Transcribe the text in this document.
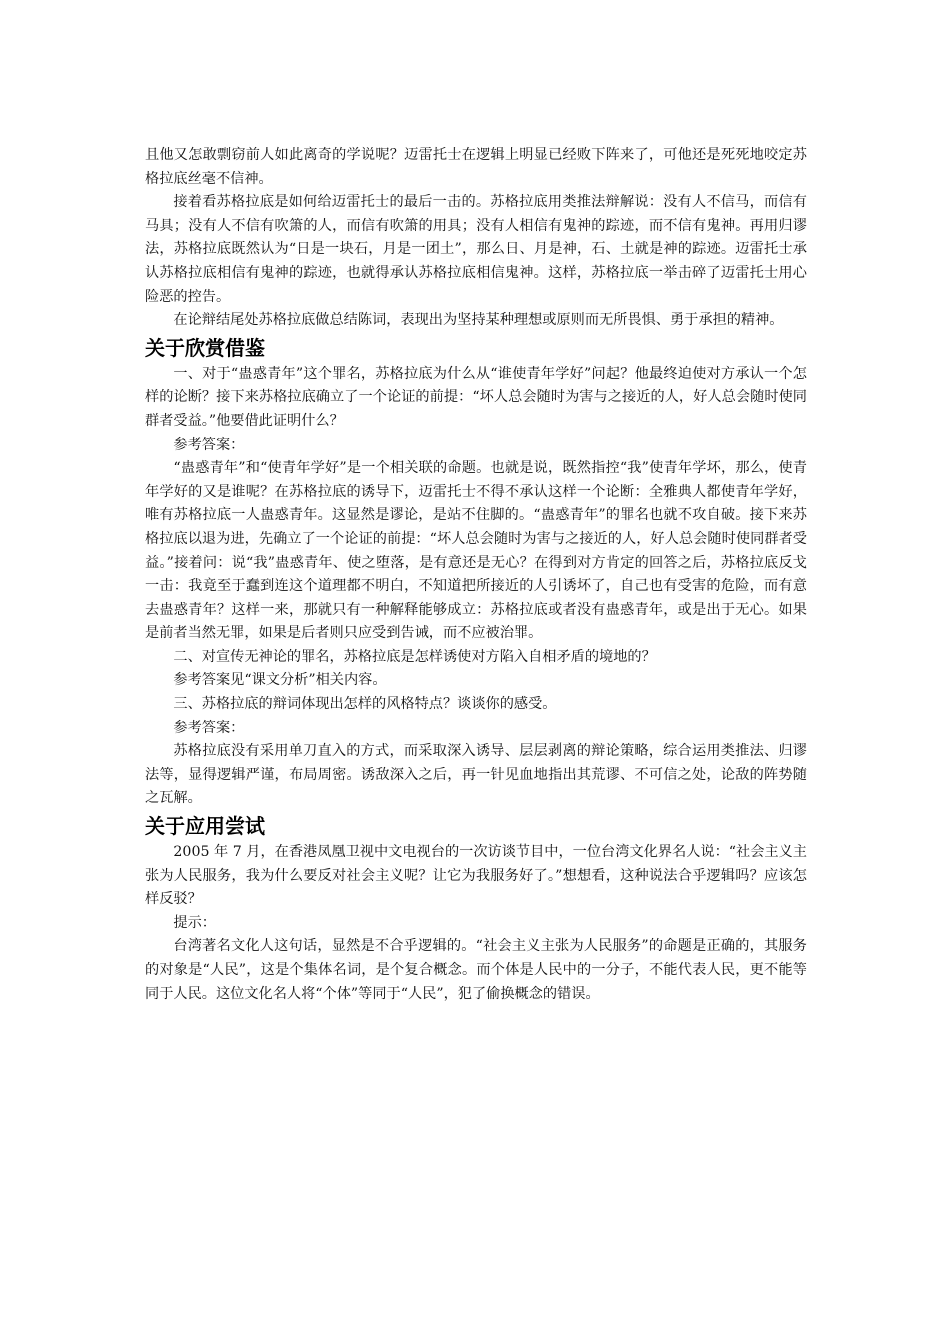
且他又怎敢剽窃前人如此离奇的学说呢？迈雷托士在逻辑上明显已经败下阵来了，可他还是死死地咬定苏格拉底丝毫不信神。

接着看苏格拉底是如何给迈雷托士的最后一击的。苏格拉底用类推法辩解说：没有人不信马，而信有马具；没有人不信有吹箫的人，而信有吹箫的用具；没有人相信有鬼神的踪迹，而不信有鬼神。再用归谬法，苏格拉底既然认为“日是一块石，月是一团土”，那么日、月是神，石、土就是神的踪迹。迈雷托士承认苏格拉底相信有鬼神的踪迹，也就得承认苏格拉底相信鬼神。这样，苏格拉底一举击碎了迈雷托士用心险恶的控告。

在论辩结尾处苏格拉底做总结陈词，表现出为坚持某种理想或原则而无所畏惧、勇于承担的精神。

关于欣赏借鉴

一、对于“蛊惑青年”这个罪名，苏格拉底为什么从“谁使青年学好”问起？他最终迫使对方承认一个怎样的论断？接下来苏格拉底确立了一个论证的前提：“坏人总会随时为害与之接近的人，好人总会随时使同群者受益。”他要借此证明什么？

参考答案：

“蛊惑青年”和“使青年学好”是一个相关联的命题。也就是说，既然指控“我”使青年学坏，那么，使青年学好的又是谁呢？在苏格拉底的诱导下，迈雷托士不得不承认这样一个论断：全雅典人都使青年学好，唯有苏格拉底一人蛊惑青年。这显然是谬论，是站不住脚的。“蛊惑青年”的罪名也就不攻自破。接下来苏格拉底以退为进，先确立了一个论证的前提：“坏人总会随时为害与之接近的人，好人总会随时使同群者受益。”接着问：说“我”蛊惑青年、使之堕落，是有意还是无心？在得到对方肯定的回答之后，苏格拉底反戈一击：我竟至于蠢到连这个道理都不明白，不知道把所接近的人引诱坏了，自己也有受害的危险，而有意去蛊惑青年？这样一来，那就只有一种解释能够成立：苏格拉底或者没有蛊惑青年，或是出于无心。如果是前者当然无罪，如果是后者则只应受到告诫，而不应被治罪。

二、对宣传无神论的罪名，苏格拉底是怎样诱使对方陷入自相矛盾的境地的？

参考答案见“课文分析”相关内容。

三、苏格拉底的辩词体现出怎样的风格特点？谈谈你的感受。

参考答案：

苏格拉底没有采用单刀直入的方式，而采取深入诱导、层层剥离的辩论策略，综合运用类推法、归谬法等，显得逻辑严谨，布局周密。诱敌深入之后，再一针见血地指出其荒谬、不可信之处，论敌的阵势随之瓦解。

关于应用尝试

2005 年 7 月，在香港凤凰卫视中文电视台的一次访谈节目中，一位台湾文化界名人说：“社会主义主张为人民服务，我为什么要反对社会主义呢？让它为我服务好了。”想想看，这种说法合乎逻辑吗？应该怎样反驳？

提示：

台湾著名文化人这句话，显然是不合乎逻辑的。“社会主义主张为人民服务”的命题是正确的，其服务的对象是“人民”，这是个集体名词，是个复合概念。而个体是人民中的一分子，不能代表人民，更不能等同于人民。这位文化名人将“个体”等同于“人民”，犯了偷换概念的错误。
